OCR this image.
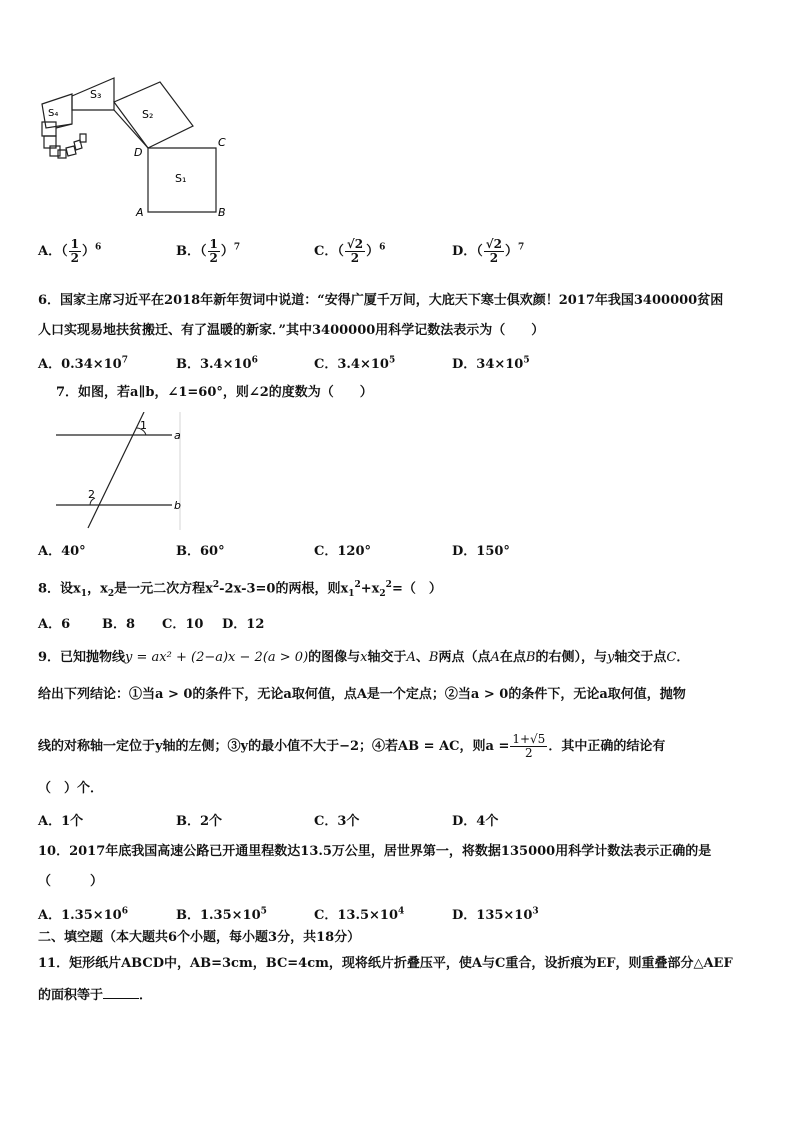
S₃
S₂
S₁
S₄
A	B
C
D
A．（ $\frac{1}{2} )^6$	B．（ $\frac{1}{2} )^7$	C．（ $\frac{√2}{2} )^6$	D．（ $\frac{√2}{2} )^7$
6．国家主席习近平在2018年新年贺词中说道：“安得广厦千万间，大庇天下寒士俱欢颜！2017年我国3400000贫困
人口实现易地扶贫搬迁、有了温暖的新家．”其中3400000用科学记数法表示为（　　）
A．$0.34\times 10^7$	B．$3.4\times 10^6$	C．$3.4\times 10^5$	D．$34\times 10^5$
7．如图，若a∥b，∠1=60°，则∠2的度数为（　　）
1
2
a
b
A．40°	B．60°	C．120°	D．150°
8．设$x_1$，$x_2$是一元二次方程$x^2-2x-3=0$的两根，则$x_1^2+x_2^2=$（　）
A．6 B．8 C．10 D．12
9．已知抛物线y = ax² + (2−a)x − 2(a > 0)的图像与x轴交于A、B两点（点A在点B的右侧），与y轴交于点C．
给出下列结论：①当a > 0的条件下，无论a取何值，点A是一个定点；②当a > 0的条件下，无论a取何值，抛物
线的对称轴一定位于y轴的左侧；③y的最小值不大于−2；④若AB = AC，则$a = \frac{1+√5}{2}$ ．其中正确的结论有
（　）个．
A．1个	B．2个	C．3个	D．4个
10．2017年底我国高速公路已开通里程数达13.5万公里，居世界第一，将数据135000用科学计数法表示正确的是
（　　　）
A．$1.35\times 10^6$	B．$1.35\times 10^5$	C．$13.5\times 10^4$	D．$135\times 10^3$
二、填空题（本大题共6个小题，每小题3分，共18分）
11．矩形纸片ABCD中，AB=3cm，BC=4cm，现将纸片折叠压平，使A与C重合，设折痕为EF，则重叠部分△AEF
的面积等于	．
